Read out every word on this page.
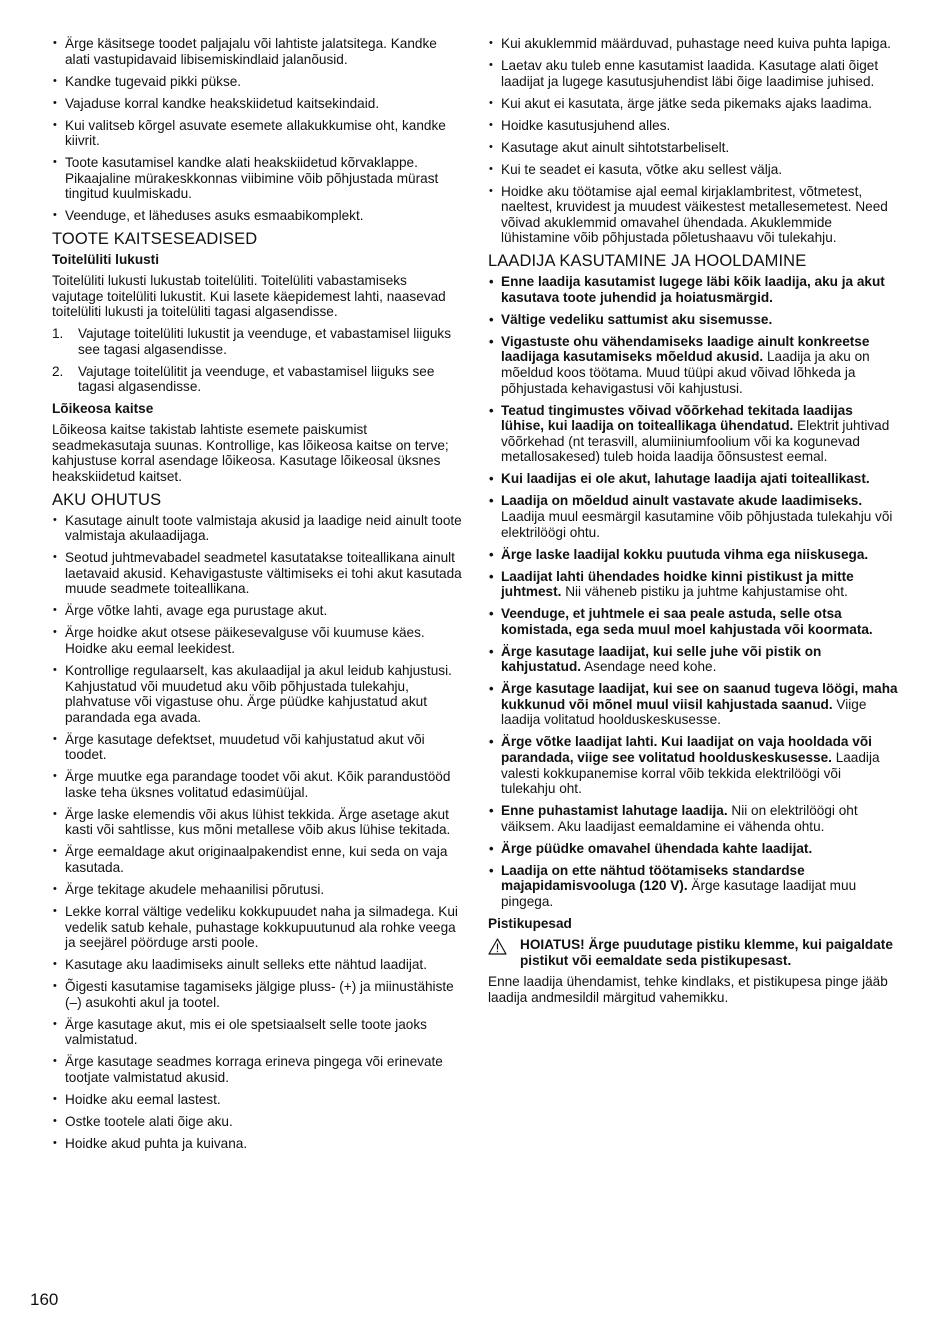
• Ärge käsitsege toodet paljajalu või lahtiste jalatsitega. Kandke alati vastupidavaid libisemiskindlaid jalanõusid.
• Kandke tugevaid pikki pükse.
• Vajaduse korral kandke heakskiidetud kaitsekindaid.
• Kui valitseb kõrgel asuvate esemete allakukkumise oht, kandke kiivrit.
• Toote kasutamisel kandke alati heakskiidetud kõrvaklappe. Pikaajaline mürakeskkonnas viibimine võib põhjustada mürast tingitud kuulmiskadu.
• Veenduge, et läheduses asuks esmaabikomplekt.
TOOTE KAITSESEADISED
Toitelüliti lukusti

Toitelüliti lukusti lukustab toitelüliti. Toitelüliti vabastamiseks vajutage toitelüliti lukustit. Kui lasete käepidemest lahti, naasevad toitelüliti lukusti ja toitelüliti tagasi algasendisse.

1. Vajutage toitelüliti lukustit ja veenduge, et vabastamisel liiguks see tagasi algasendisse.
2. Vajutage toitelülitit ja veenduge, et vabastamisel liiguks see tagasi algasendisse.
Lõikeosa kaitse

Lõikeosa kaitse takistab lahtiste esemete paiskumist seadmekasutaja suunas. Kontrollige, kas lõikeosa kaitse on terve; kahjustuse korral asendage lõikeosa. Kasutage lõikeosal üksnes heakskiidetud kaitset.

AKU OHUTUS
• Kasutage ainult toote valmistaja akusid ja laadige neid ainult toote valmistaja akulaadijaga.
• Seotud juhtmevabadel seadmetel kasutatakse toiteallikana ainult laetavaid akusid. Kehavigastuste vältimiseks ei tohi akut kasutada muude seadmete toiteallikana.
• Ärge võtke lahti, avage ega purustage akut.
• Ärge hoidke akut otsese päikesevalguse või kuumuse käes. Hoidke aku eemal leekidest.
• Kontrollige regulaarselt, kas akulaadijal ja akul leidub kahjustusi. Kahjustatud või muudetud aku võib põhjustada tulekahju, plahvatuse või vigastuse ohu. Ärge püüdke kahjustatud akut parandada ega avada.
• Ärge kasutage defektset, muudetud või kahjustatud akut või toodet.
• Ärge muutke ega parandage toodet või akut. Kõik parandustööd laske teha üksnes volitatud edasimüüjal.
• Ärge laske elemendis või akus lühist tekkida. Ärge asetage akut kasti või sahtlisse, kus mõni metallese võib akus lühise tekitada.
• Ärge eemaldage akut originaalpakendist enne, kui seda on vaja kasutada.
• Ärge tekitage akudele mehaanilisi põrutusi.
• Lekke korral vältige vedeliku kokkupuudet naha ja silmadega. Kui vedelik satub kehale, puhastage kokkupuutunud ala rohke veega ja seejärel pöörduge arsti poole.
• Kasutage aku laadimiseks ainult selleks ette nähtud laadijat.
• Õigesti kasutamise tagamiseks jälgige pluss- (+) ja miinustähiste (–) asukohti akul ja tootel.
• Ärge kasutage akut, mis ei ole spetsiaalselt selle toote jaoks valmistatud.
• Ärge kasutage seadmes korraga erineva pingega või erinevate tootjate valmistatud akusid.
• Hoidke aku eemal lastest.
• Ostke tootele alati õige aku.
• Hoidke akud puhta ja kuivana.
• Kui akuklemmid määrduvad, puhastage need kuiva puhta lapiga.
• Laetav aku tuleb enne kasutamist laadida. Kasutage alati õiget laadijat ja lugege kasutusjuhendist läbi õige laadimise juhised.
• Kui akut ei kasutata, ärge jätke seda pikemaks ajaks laadima.
• Hoidke kasutusjuhend alles.
• Kasutage akut ainult sihtotstarbeliselt.
• Kui te seadet ei kasuta, võtke aku sellest välja.
• Hoidke aku töötamise ajal eemal kirjaklambritest, võtmetest, naeltest, kruvidest ja muudest väikestest metallesemetest. Need võivad akuklemmid omavahel ühendada. Akuklemmide lühistamine võib põhjustada põletushaavu või tulekahju.
LAADIJA KASUTAMINE JA HOOLDAMINE
• Enne laadija kasutamist lugege läbi kõik laadija, aku ja akut kasutava toote juhendid ja hoiatusmärgid.
• Vältige vedeliku sattumist aku sisemusse.
• Vigastuste ohu vähendamiseks laadige ainult konkreetse laadijaga kasutamiseks mõeldud akusid. Laadija ja aku on mõeldud koos töötama. Muud tüüpi akud võivad lõhkeda ja põhjustada kehavigastusi või kahjustusi.
• Teatud tingimustes võivad võõrkehad tekitada laadijas lühise, kui laadija on toiteallikaga ühendatud. Elektrit juhtivad võõrkehad (nt terasvill, alumiiniumfoolium või ka kogunevad metallosakesed) tuleb hoida laadija õõnsustest eemal.
• Kui laadijas ei ole akut, lahutage laadija ajati toiteallikast.
• Laadija on mõeldud ainult vastavate akude laadimiseks. Laadija muul eesmärgil kasutamine võib põhjustada tulekahju või elektrilöögi ohtu.
• Ärge laske laadijal kokku puutuda vihma ega niiskusega.
• Laadijat lahti ühendades hoidke kinni pistikust ja mitte juhtmest. Nii väheneb pistiku ja juhtme kahjustamise oht.
• Veenduge, et juhtmele ei saa peale astuda, selle otsa komistada, ega seda muul moel kahjustada või koormata.
• Ärge kasutage laadijat, kui selle juhe või pistik on kahjustatud. Asendage need kohe.
• Ärge kasutage laadijat, kui see on saanud tugeva löögi, maha kukkunud või mõnel muul viisil kahjustada saanud. Viige laadija volitatud hoolduskeskusesse.
• Ärge võtke laadijat lahti. Kui laadijat on vaja hooldada või parandada, viige see volitatud hoolduskeskusesse. Laadija valesti kokkupanemise korral võib tekkida elektrilöögi või tulekahju oht.
• Enne puhastamist lahutage laadija. Nii on elektrilöögi oht väiksem. Aku laadijast eemaldamine ei vähenda ohtu.
• Ärge püüdke omavahel ühendada kahte laadijat.
• Laadija on ette nähtud töötamiseks standardse majapidamisvooluga (120 V). Ärge kasutage laadijat muu pingega.
Pistikupesad
HOIATUS! Ärge puudutage pistiku klemme, kui paigaldate pistikut või eemaldate seda pistikupesast.

Enne laadija ühendamist, tehke kindlaks, et pistikupesa pinge jääb laadija andmesildil märgitud vahemikku.

160
